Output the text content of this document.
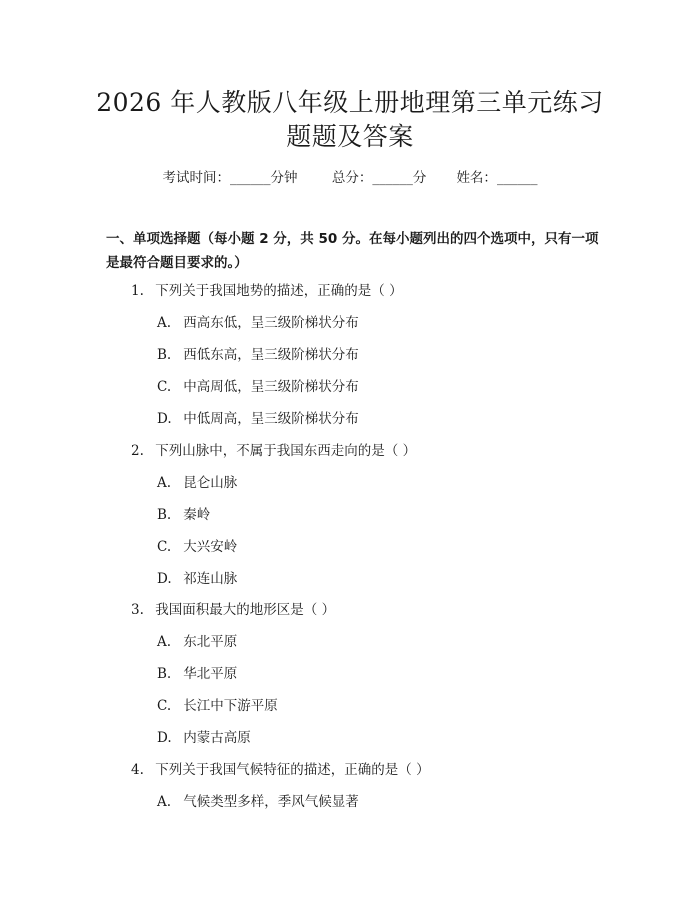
2026 年人教版八年级上册地理第三单元练习
题题及答案
考试时间：______分钟	总分：______分 姓名：______

一、单项选择题（每小题 2 分，共 50 分。在每小题列出的四个选项中，只有一项

是最符合题目要求的。）

1. 下列关于我国地势的描述，正确的是（ ）
A. 西高东低，呈三级阶梯状分布
B. 西低东高，呈三级阶梯状分布
C. 中高周低，呈三级阶梯状分布
D. 中低周高，呈三级阶梯状分布
2. 下列山脉中，不属于我国东西走向的是（ ）
A. 昆仑山脉
B. 秦岭
C. 大兴安岭
D. 祁连山脉
3. 我国面积最大的地形区是（ ）
A. 东北平原
B. 华北平原
C. 长江中下游平原
D. 内蒙古高原
4. 下列关于我国气候特征的描述，正确的是（ ）
A. 气候类型多样，季风气候显著
